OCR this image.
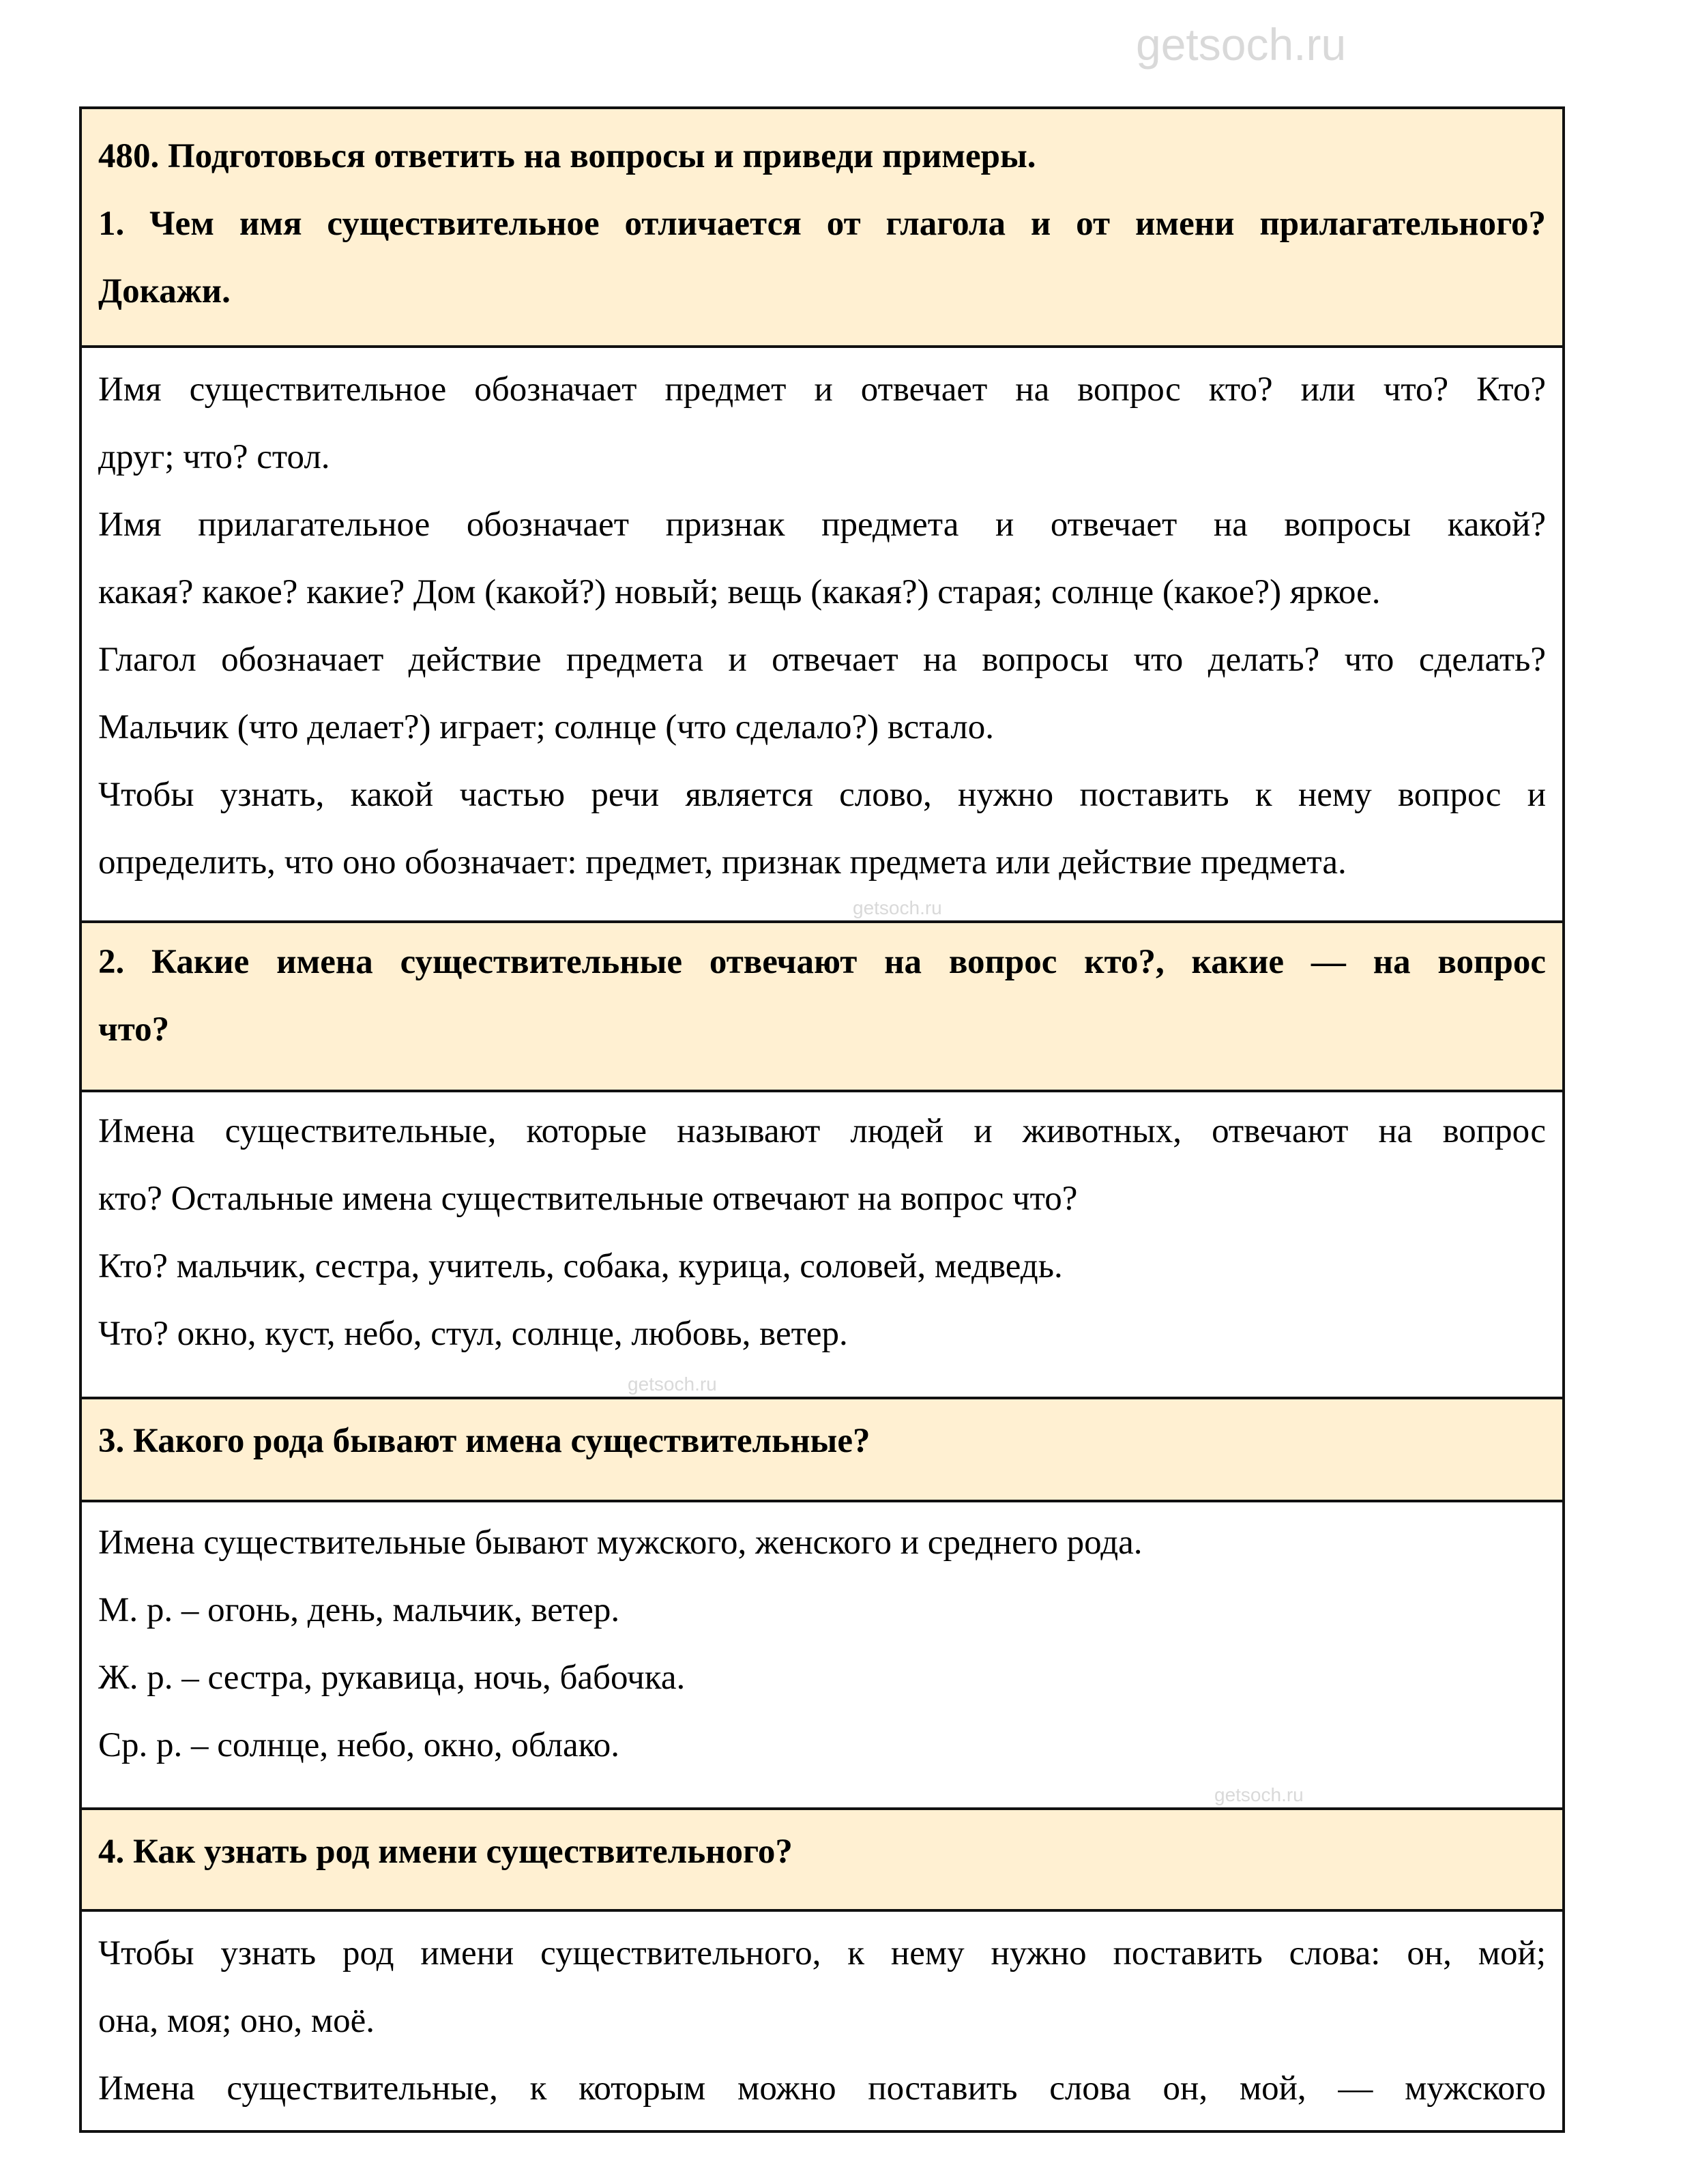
getsoch.ru
480. Подготовься ответить на вопросы и приведи примеры.
1. Чем имя существительное отличается от глагола и от имени прилагательного?
Докажи.
Имя существительное обозначает предмет и отвечает на вопрос кто? или что? Кто?
друг; что? стол.
Имя прилагательное обозначает признак предмета и отвечает на вопросы какой?
какая? какое? какие? Дом (какой?) новый; вещь (какая?) старая; солнце (какое?) яркое.
Глагол обозначает действие предмета и отвечает на вопросы что делать? что сделать?
Мальчик (что делает?) играет; солнце (что сделало?) встало.
Чтобы узнать, какой частью речи является слово, нужно поставить к нему вопрос и
определить, что оно обозначает: предмет, признак предмета или действие предмета.
getsoch.ru
2. Какие имена существительные отвечают на вопрос кто?, какие — на вопрос
что?
Имена существительные, которые называют людей и животных, отвечают на вопрос
кто? Остальные имена существительные отвечают на вопрос что?
Кто? мальчик, сестра, учитель, собака, курица, соловей, медведь.
Что? окно, куст, небо, стул, солнце, любовь, ветер.
getsoch.ru
3. Какого рода бывают имена существительные?
Имена существительные бывают мужского, женского и среднего рода.
М. р. – огонь, день, мальчик, ветер.
Ж. р. – сестра, рукавица, ночь, бабочка.
Ср. р. – солнце, небо, окно, облако.
getsoch.ru
4. Как узнать род имени существительного?
Чтобы узнать род имени существительного, к нему нужно поставить слова: он, мой;
она, моя; оно, моё.
Имена существительные, к которым можно поставить слова он, мой, — мужского
